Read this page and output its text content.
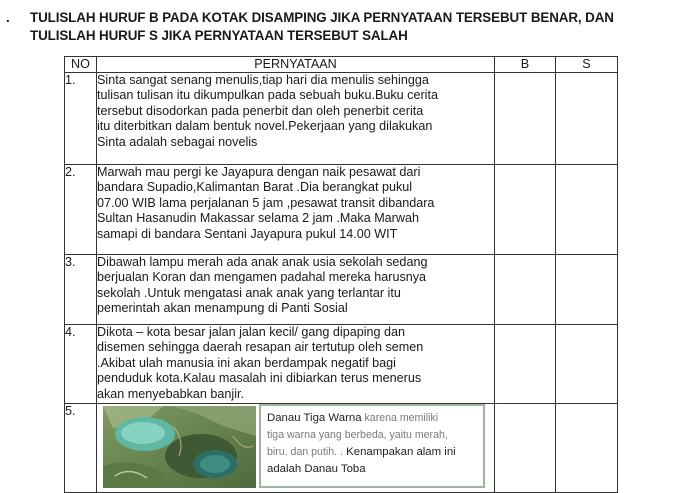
. TULISLAH HURUF B PADA KOTAK DISAMPING JIKA PERNYATAAN TERSEBUT BENAR, DAN
TULISLAH HURUF S JIKA PERNYATAAN TERSEBUT SALAH
NO	PERNYATAAN	B	S
1.	Sinta sangat senang menulis,tiap hari dia menulis sehingga
tulisan tulisan itu dikumpulkan pada sebuah buku.Buku cerita
tersebut disodorkan pada penerbit dan oleh penerbit cerita
itu diterbitkan dalam bentuk novel.Pekerjaan yang dilakukan
Sinta adalah sebagai novelis		

2.	Marwah mau pergi ke Jayapura dengan naik pesawat dari
bandara Supadio,Kalimantan Barat .Dia berangkat pukul
07.00 WIB lama perjalanan 5 jam ,pesawat transit dibandara
Sultan Hasanudin Makassar selama 2 jam .Maka Marwah
samapi di bandara Sentani Jayapura pukul 14.00 WIT		

3.	Dibawah lampu merah ada anak anak usia sekolah sedang
berjualan Koran dan mengamen padahal mereka harusnya
sekolah .Untuk mengatasi anak anak yang terlantar itu
pemerintah akan menampung di Panti Sosial		

4.	Dikota – kota besar jalan jalan kecil/ gang dipaping dan
disemen sehingga daerah resapan air tertutup oleh semen
.Akibat ulah manusia ini akan berdampak negatif bagi
penduduk kota.Kalau masalah ini dibiarkan terus menerus
akan menyebabkan banjir.		

5.	Danau Tiga Warna karena memiliki
tiga warna yang berbeda, yaitu merah,
biru, dan putih. . Kenampakan alam ini
adalah Danau Toba		
